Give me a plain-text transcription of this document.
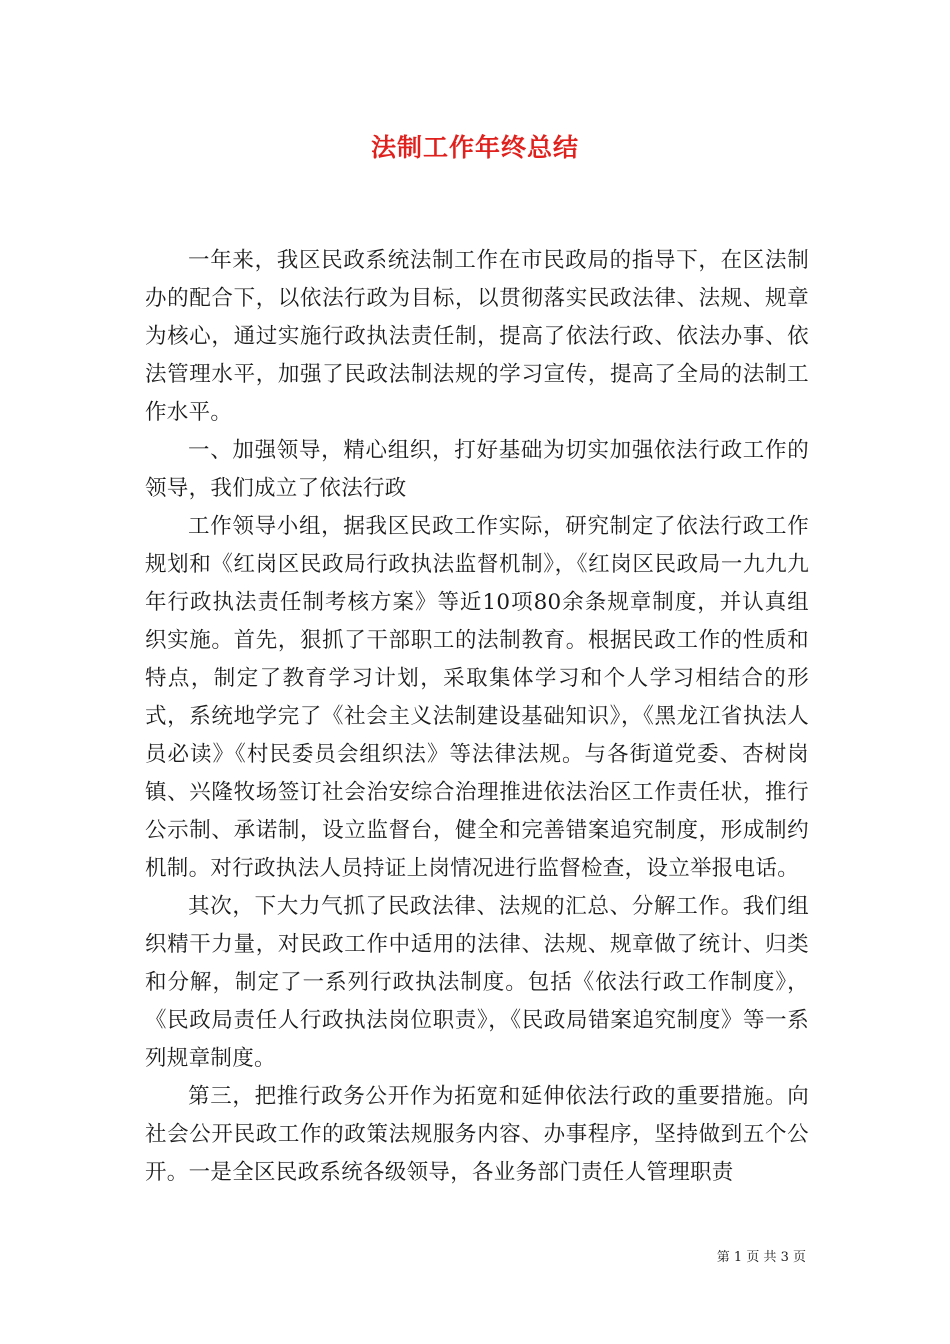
法制工作年终总结

一年来，我区民政系统法制工作在市民政局的指导下，在区法制办的配合下，以依法行政为目标，以贯彻落实民政法律、法规、规章为核心，通过实施行政执法责任制，提高了依法行政、依法办事、依法管理水平，加强了民政法制法规的学习宣传，提高了全局的法制工作水平。

一、加强领导，精心组织，打好基础为切实加强依法行政工作的领导，我们成立了依法行政

工作领导小组，据我区民政工作实际，研究制定了依法行政工作规划和《红岗区民政局行政执法监督机制》，《红岗区民政局一九九九年行政执法责任制考核方案》等近10项80余条规章制度，并认真组织实施。首先，狠抓了干部职工的法制教育。根据民政工作的性质和特点，制定了教育学习计划，采取集体学习和个人学习相结合的形式，系统地学完了《社会主义法制建设基础知识》，《黑龙江省执法人员必读》《村民委员会组织法》等法律法规。与各街道党委、杏树岗镇、兴隆牧场签订社会治安综合治理推进依法治区工作责任状，推行公示制、承诺制，设立监督台，健全和完善错案追究制度，形成制约机制。对行政执法人员持证上岗情况进行监督检查，设立举报电话。

其次，下大力气抓了民政法律、法规的汇总、分解工作。我们组织精干力量，对民政工作中适用的法律、法规、规章做了统计、归类和分解，制定了一系列行政执法制度。包括《依法行政工作制度》，《民政局责任人行政执法岗位职责》，《民政局错案追究制度》等一系列规章制度。

第三，把推行政务公开作为拓宽和延伸依法行政的重要措施。向社会公开民政工作的政策法规服务内容、办事程序，坚持做到五个公开。一是全区民政系统各级领导，各业务部门责任人管理职责

第 1 页 共 3 页
